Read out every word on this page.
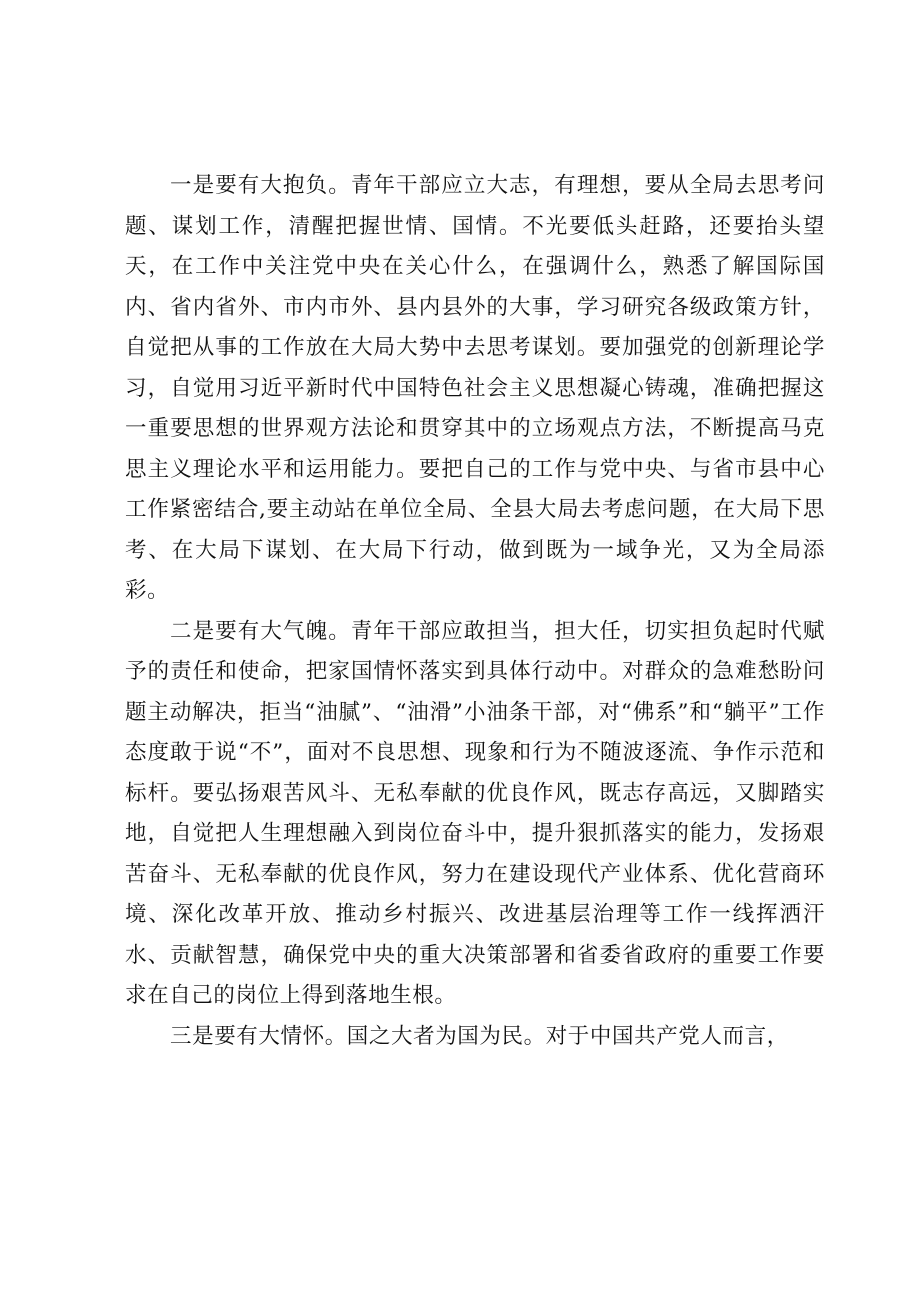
一是要有大抱负。青年干部应立大志，有理想，要从全局去思考问题、谋划工作，清醒把握世情、国情。不光要低头赶路，还要抬头望天，在工作中关注党中央在关心什么，在强调什么，熟悉了解国际国内、省内省外、市内市外、县内县外的大事，学习研究各级政策方针，自觉把从事的工作放在大局大势中去思考谋划。要加强党的创新理论学习，自觉用习近平新时代中国特色社会主义思想凝心铸魂，准确把握这一重要思想的世界观方法论和贯穿其中的立场观点方法，不断提高马克思主义理论水平和运用能力。要把自己的工作与党中央、与省市县中心工作紧密结合,要主动站在单位全局、全县大局去考虑问题，在大局下思考、在大局下谋划、在大局下行动，做到既为一域争光，又为全局添彩。

二是要有大气魄。青年干部应敢担当，担大任，切实担负起时代赋予的责任和使命，把家国情怀落实到具体行动中。对群众的急难愁盼问题主动解决，拒当“油腻”、“油滑”小油条干部，对“佛系”和“躺平”工作态度敢于说“不”，面对不良思想、现象和行为不随波逐流、争作示范和标杆。要弘扬艰苦风斗、无私奉献的优良作风，既志存高远，又脚踏实地，自觉把人生理想融入到岗位奋斗中，提升狠抓落实的能力，发扬艰苦奋斗、无私奉献的优良作风，努力在建设现代产业体系、优化营商环境、深化改革开放、推动乡村振兴、改进基层治理等工作一线挥洒汗水、贡献智慧，确保党中央的重大决策部署和省委省政府的重要工作要求在自己的岗位上得到落地生根。

三是要有大情怀。国之大者为国为民。对于中国共产党人而言，
